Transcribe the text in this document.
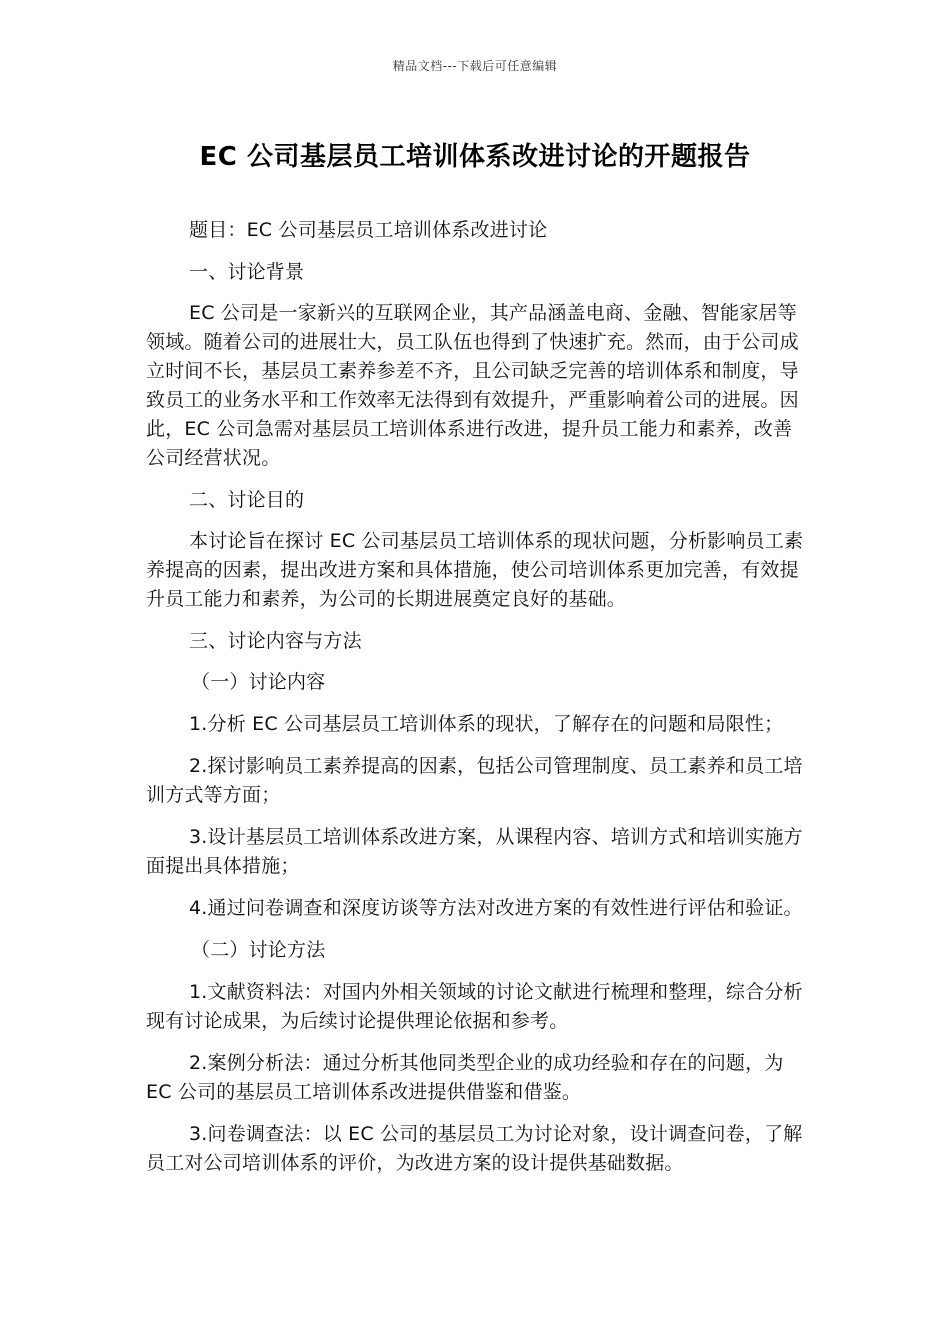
精品文档---下载后可任意编辑
EC 公司基层员工培训体系改进讨论的开题报告

题目：EC 公司基层员工培训体系改进讨论

一、讨论背景

EC 公司是一家新兴的互联网企业，其产品涵盖电商、金融、智能家居等领域。随着公司的进展壮大，员工队伍也得到了快速扩充。然而，由于公司成立时间不长，基层员工素养参差不齐，且公司缺乏完善的培训体系和制度，导致员工的业务水平和工作效率无法得到有效提升，严重影响着公司的进展。因此，EC 公司急需对基层员工培训体系进行改进，提升员工能力和素养，改善公司经营状况。

二、讨论目的

本讨论旨在探讨 EC 公司基层员工培训体系的现状问题，分析影响员工素养提高的因素，提出改进方案和具体措施，使公司培训体系更加完善，有效提升员工能力和素养，为公司的长期进展奠定良好的基础。

三、讨论内容与方法

（一）讨论内容

1.分析 EC 公司基层员工培训体系的现状，了解存在的问题和局限性；

2.探讨影响员工素养提高的因素，包括公司管理制度、员工素养和员工培训方式等方面；

3.设计基层员工培训体系改进方案，从课程内容、培训方式和培训实施方面提出具体措施；

4.通过问卷调查和深度访谈等方法对改进方案的有效性进行评估和验证。

（二）讨论方法

1.文献资料法：对国内外相关领域的讨论文献进行梳理和整理，综合分析现有讨论成果，为后续讨论提供理论依据和参考。

2.案例分析法：通过分析其他同类型企业的成功经验和存在的问题，为 EC 公司的基层员工培训体系改进提供借鉴和借鉴。

3.问卷调查法：以 EC 公司的基层员工为讨论对象，设计调查问卷，了解员工对公司培训体系的评价，为改进方案的设计提供基础数据。
